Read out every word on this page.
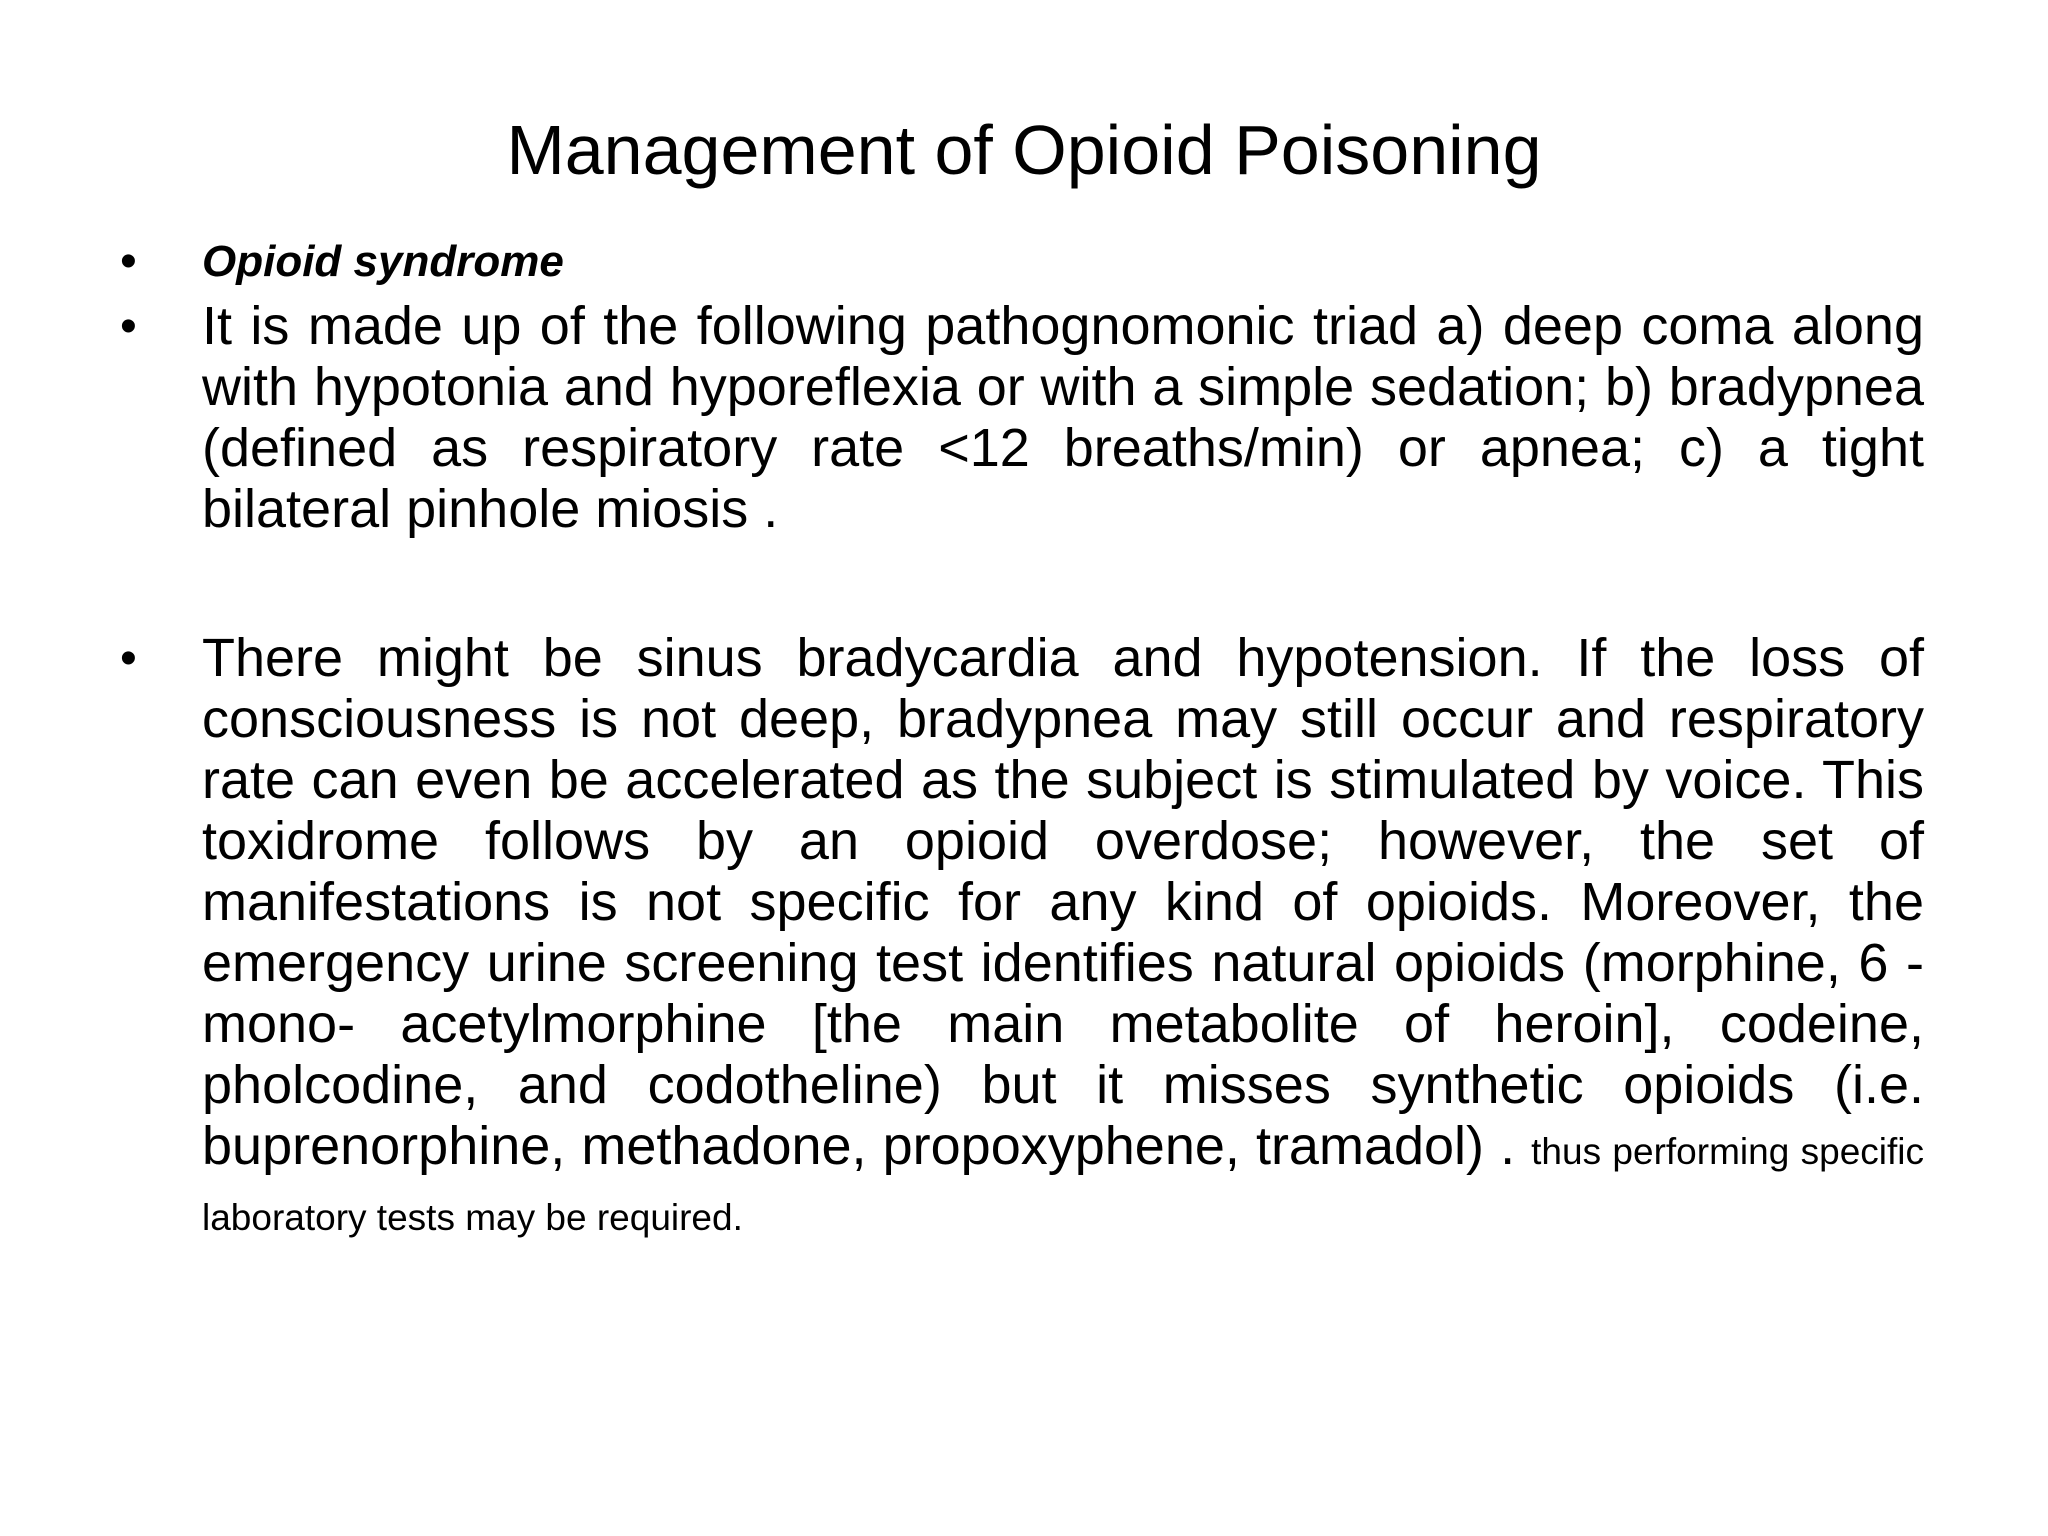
Management of Opioid Poisoning
• Opioid syndrome
• It is made up of the following pathognomonic triad a) deep coma along with hypotonia and hyporeflexia or with a simple sedation; b) bradypnea (defined as respiratory rate <12 breaths/min) or apnea; c) a tight bilateral pinhole miosis .
• There might be sinus bradycardia and hypotension. If the loss of consciousness is not deep, bradypnea may still occur and respiratory rate can even be accelerated as the subject is stimulated by voice. This toxidrome follows by an opioid overdose; however, the set of manifestations is not specific for any kind of opioids. Moreover, the emergency urine screening test identifies natural opioids (morphine, 6 -mono- acetylmorphine [the main metabolite of heroin], codeine, pholcodine, and codotheline) but it misses synthetic opioids (i.e. buprenorphine, methadone, propoxyphene, tramadol) . thus performing specific laboratory tests may be required.
